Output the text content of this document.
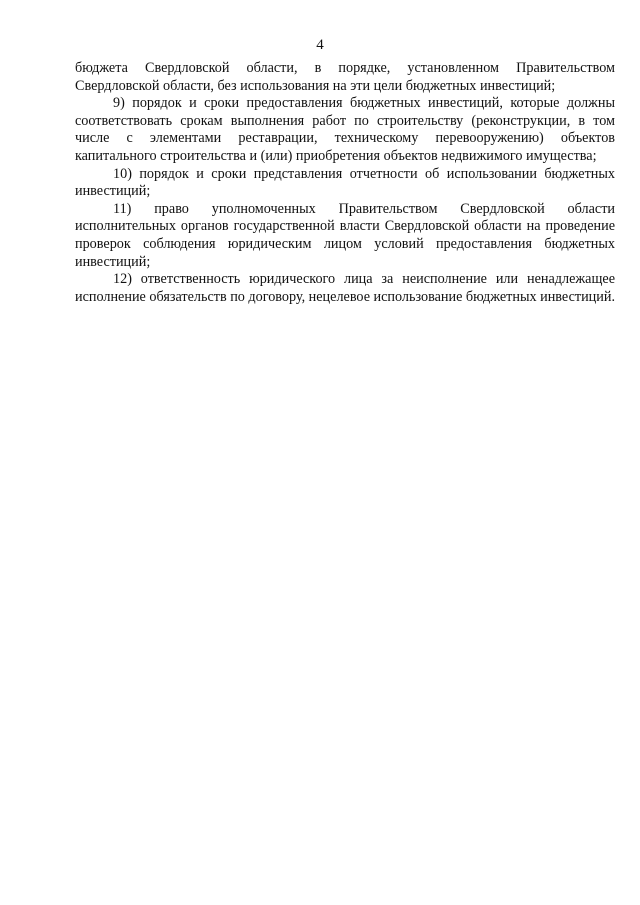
4

бюджета Свердловской области, в порядке, установленном Правительством Свердловской области, без использования на эти цели бюджетных инвестиций;

9) порядок и сроки предоставления бюджетных инвестиций, которые должны соответствовать срокам выполнения работ по строительству (реконструкции, в том числе с элементами реставрации, техническому перевооружению) объектов капитального строительства и (или) приобретения объектов недвижимого имущества;

10) порядок и сроки представления отчетности об использовании бюджетных инвестиций;

11) право уполномоченных Правительством Свердловской области исполнительных органов государственной власти Свердловской области на проведение проверок соблюдения юридическим лицом условий предоставления бюджетных инвестиций;

12) ответственность юридического лица за неисполнение или ненадлежащее исполнение обязательств по договору, нецелевое использование бюджетных инвестиций.
